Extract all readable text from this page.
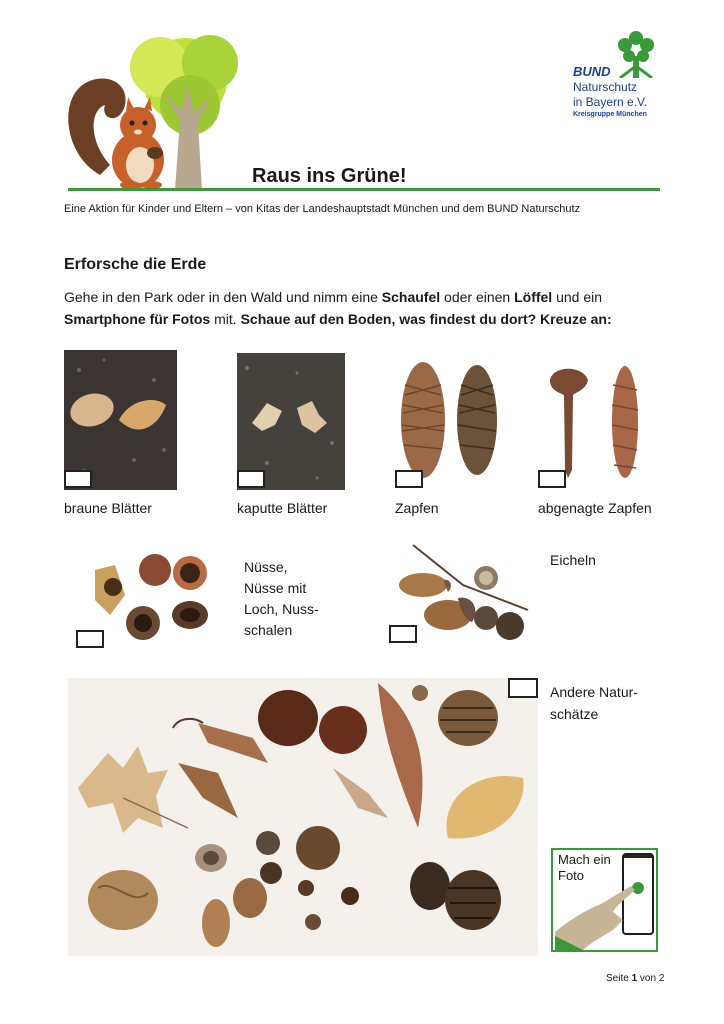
Raus ins Grüne!
BUND
Naturschutz
in Bayern e.V.
Kreisgruppe München
Eine Aktion für Kinder und Eltern – von Kitas der Landeshauptstadt München und dem BUND Naturschutz
Erforsche die Erde
Gehe in den Park oder in den Wald und nimm eine Schaufel oder einen Löffel und ein
Smartphone für Fotos mit. Schaue auf den Boden, was findest du dort? Kreuze an:
braune Blätter	kaputte Blätter	Zapfen	abgenagte Zapfen
Nüsse,
Nüsse mit
Loch, Nuss-
schalen
Eicheln
Andere Natur-
schätze
Mach ein
Foto
Seite 1 von 2
